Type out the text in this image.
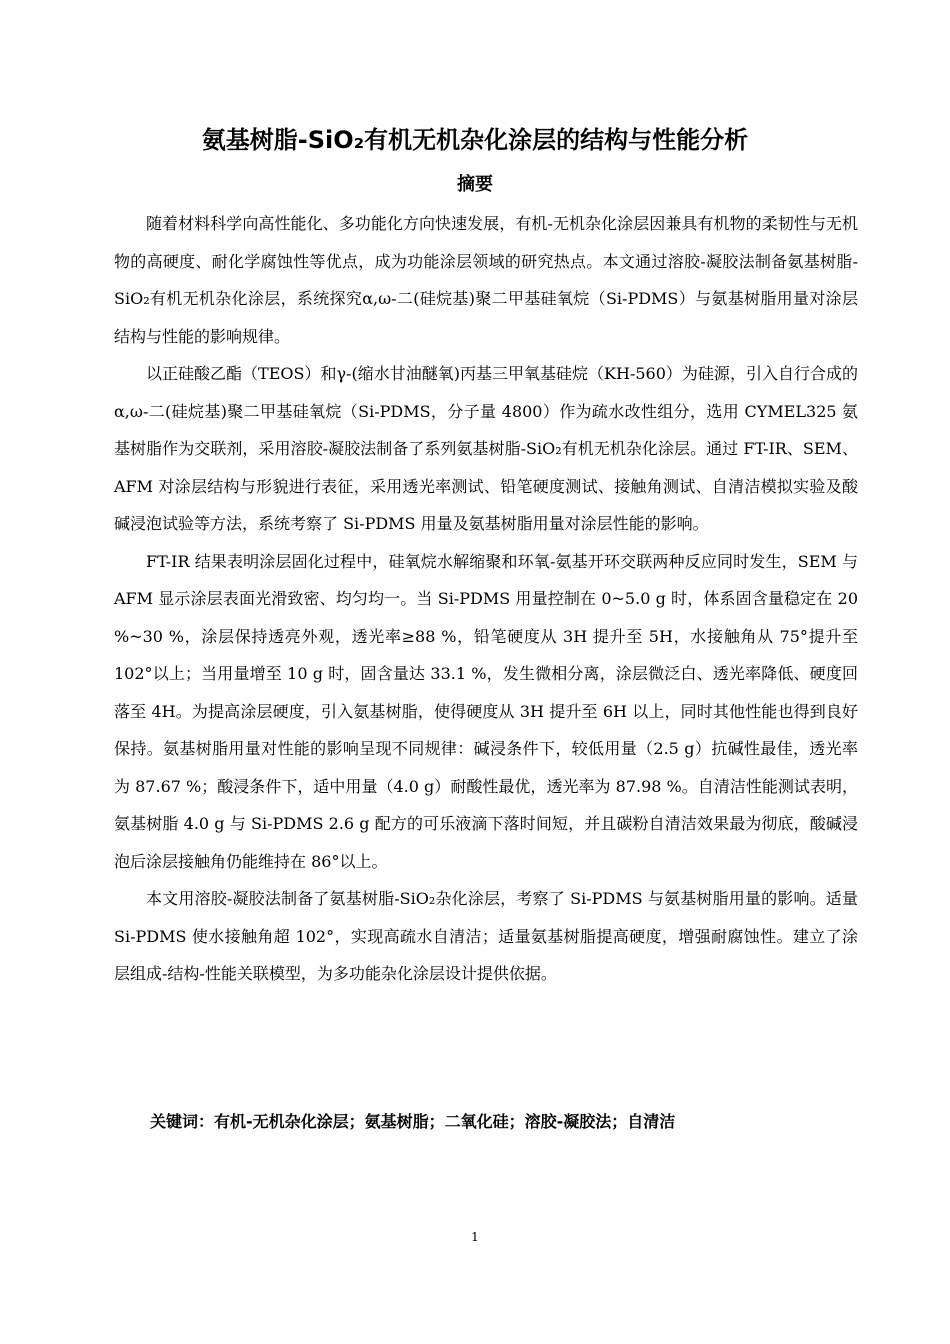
氨基树脂-SiO₂有机无机杂化涂层的结构与性能分析
摘要

随着材料科学向高性能化、多功能化方向快速发展，有机-无机杂化涂层因兼具有机物的柔韧性与无机物的高硬度、耐化学腐蚀性等优点，成为功能涂层领域的研究热点。本文通过溶胶-凝胶法制备氨基树脂-SiO₂有机无机杂化涂层，系统探究α,ω-二(硅烷基)聚二甲基硅氧烷（Si-PDMS）与氨基树脂用量对涂层结构与性能的影响规律。

以正硅酸乙酯（TEOS）和γ-(缩水甘油醚氧)丙基三甲氧基硅烷（KH-560）为硅源，引入自行合成的α,ω-二(硅烷基)聚二甲基硅氧烷（Si-PDMS，分子量 4800）作为疏水改性组分，选用 CYMEL325 氨基树脂作为交联剂，采用溶胶-凝胶法制备了系列氨基树脂-SiO₂有机无机杂化涂层。通过 FT-IR、SEM、AFM 对涂层结构与形貌进行表征，采用透光率测试、铅笔硬度测试、接触角测试、自清洁模拟实验及酸碱浸泡试验等方法，系统考察了 Si-PDMS 用量及氨基树脂用量对涂层性能的影响。

FT-IR 结果表明涂层固化过程中，硅氧烷水解缩聚和环氧-氨基开环交联两种反应同时发生，SEM 与 AFM 显示涂层表面光滑致密、均匀均一。当 Si-PDMS 用量控制在 0~5.0 g 时，体系固含量稳定在 20 %~30 %，涂层保持透亮外观，透光率≥88 %，铅笔硬度从 3H 提升至 5H，水接触角从 75°提升至 102°以上；当用量增至 10 g 时，固含量达 33.1 %，发生微相分离，涂层微泛白、透光率降低、硬度回落至 4H。为提高涂层硬度，引入氨基树脂，使得硬度从 3H 提升至 6H 以上，同时其他性能也得到良好保持。氨基树脂用量对性能的影响呈现不同规律：碱浸条件下，较低用量（2.5 g）抗碱性最佳，透光率为 87.67 %；酸浸条件下，适中用量（4.0 g）耐酸性最优，透光率为 87.98 %。自清洁性能测试表明，氨基树脂 4.0 g 与 Si-PDMS 2.6 g 配方的可乐液滴下落时间短，并且碳粉自清洁效果最为彻底，酸碱浸泡后涂层接触角仍能维持在 86°以上。

本文用溶胶-凝胶法制备了氨基树脂-SiO₂杂化涂层，考察了 Si-PDMS 与氨基树脂用量的影响。适量 Si-PDMS 使水接触角超 102°，实现高疏水自清洁；适量氨基树脂提高硬度，增强耐腐蚀性。建立了涂层组成-结构-性能关联模型，为多功能杂化涂层设计提供依据。

关键词：有机-无机杂化涂层；氨基树脂；二氧化硅；溶胶-凝胶法；自清洁
1
